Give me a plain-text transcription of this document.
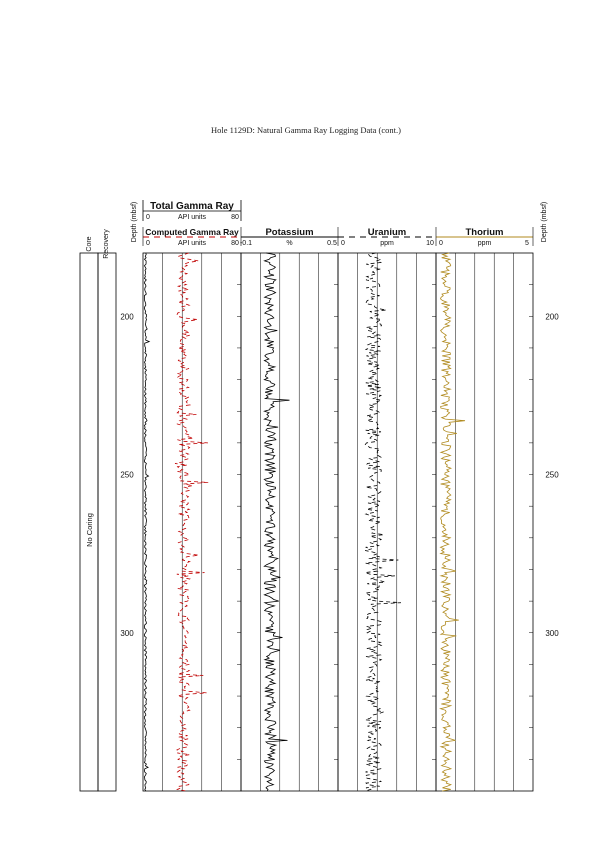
Hole 1129D: Natural Gamma Ray Logging Data (cont.)
Core Recovery
No Coring
Depth (mbsf)	Depth (mbsf)
200	200
250	250
300	300
Total Gamma Ray
0	API units	80
Computed Gamma Ray
0	API units	80
Potassium
-0.1	%	0.5
Uranium
0	ppm	10
Thorium
0	ppm	5
